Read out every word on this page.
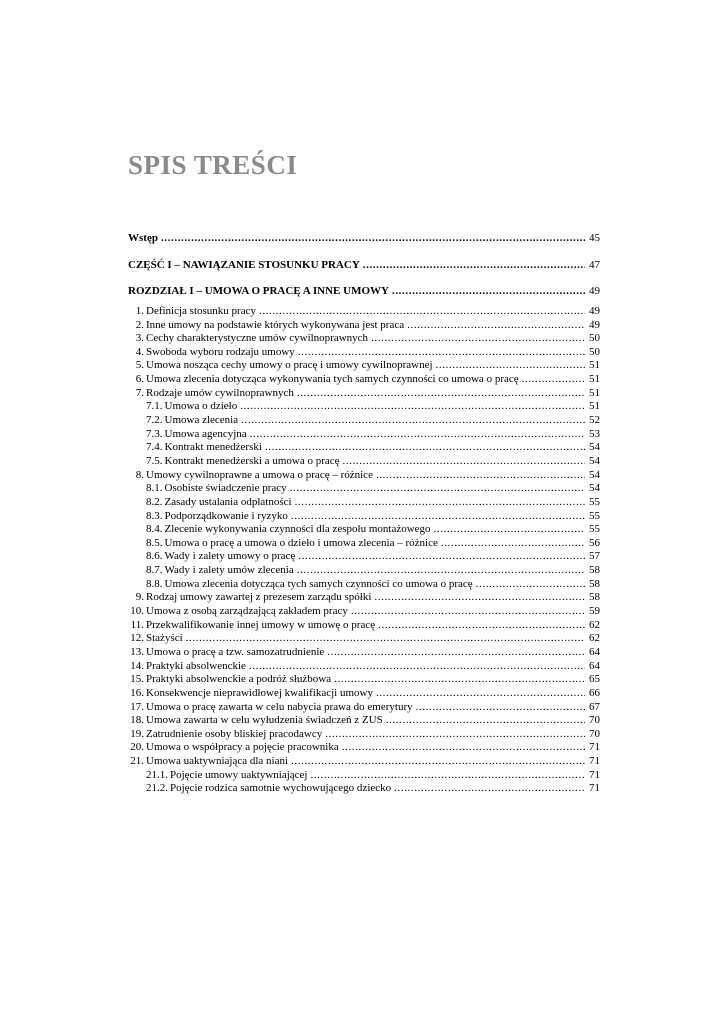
SPIS TREŚCI
Wstęp .....	45
CZĘŚĆ I – NAWIĄZANIE STOSUNKU PRACY .....	47
ROZDZIAŁ I – UMOWA O PRACĘ A INNE UMOWY .....	49
1. Definicja stosunku pracy .....	49
2. Inne umowy na podstawie których wykonywana jest praca .....	49
3. Cechy charakterystyczne umów cywilnoprawnych .....	50
4. Swoboda wyboru rodzaju umowy .....	50
5. Umowa nosząca cechy umowy o pracę i umowy cywilnoprawnej .....	51
6. Umowa zlecenia dotycząca wykonywania tych samych czynności co umowa o pracę .....	51
7. Rodzaje umów cywilnoprawnych .....	51
7.1. Umowa o dzieło .....	51
7.2. Umowa zlecenia .....	52
7.3. Umowa agencyjna .....	53
7.4. Kontrakt menedżerski .....	54
7.5. Kontrakt menedżerski a umowa o pracę .....	54
8. Umowy cywilnoprawne a umowa o pracę – różnice .....	54
8.1. Osobiste świadczenie pracy .....	54
8.2. Zasady ustalania odpłatności .....	55
8.3. Podporządkowanie i ryzyko .....	55
8.4. Zlecenie wykonywania czynności dla zespołu montażowego .....	55
8.5. Umowa o pracę a umowa o dzieło i umowa zlecenia – różnice .....	56
8.6. Wady i zalety umowy o pracę .....	57
8.7. Wady i zalety umów zlecenia .....	58
8.8. Umowa zlecenia dotycząca tych samych czynności co umowa o pracę .....	58
9. Rodzaj umowy zawartej z prezesem zarządu spółki .....	58
10. Umowa z osobą zarządzającą zakładem pracy .....	59
11. Przekwalifikowanie innej umowy w umowę o pracę .....	62
12. Stażyści .....	62
13. Umowa o pracę a tzw. samozatrudnienie .....	64
14. Praktyki absolwenckie .....	64
15. Praktyki absolwenckie a podróż służbowa .....	65
16. Konsekwencje nieprawidłowej kwalifikacji umowy .....	66
17. Umowa o pracę zawarta w celu nabycia prawa do emerytury .....	67
18. Umowa zawarta w celu wyłudzenia świadczeń z ZUS .....	70
19. Zatrudnienie osoby bliskiej pracodawcy .....	70
20. Umowa o współpracy a pojęcie pracownika .....	71
21. Umowa uaktywniająca dla niani .....	71
21.1. Pojęcie umowy uaktywniającej .....	71
21.2. Pojęcie rodzica samotnie wychowującego dziecko .....	71
